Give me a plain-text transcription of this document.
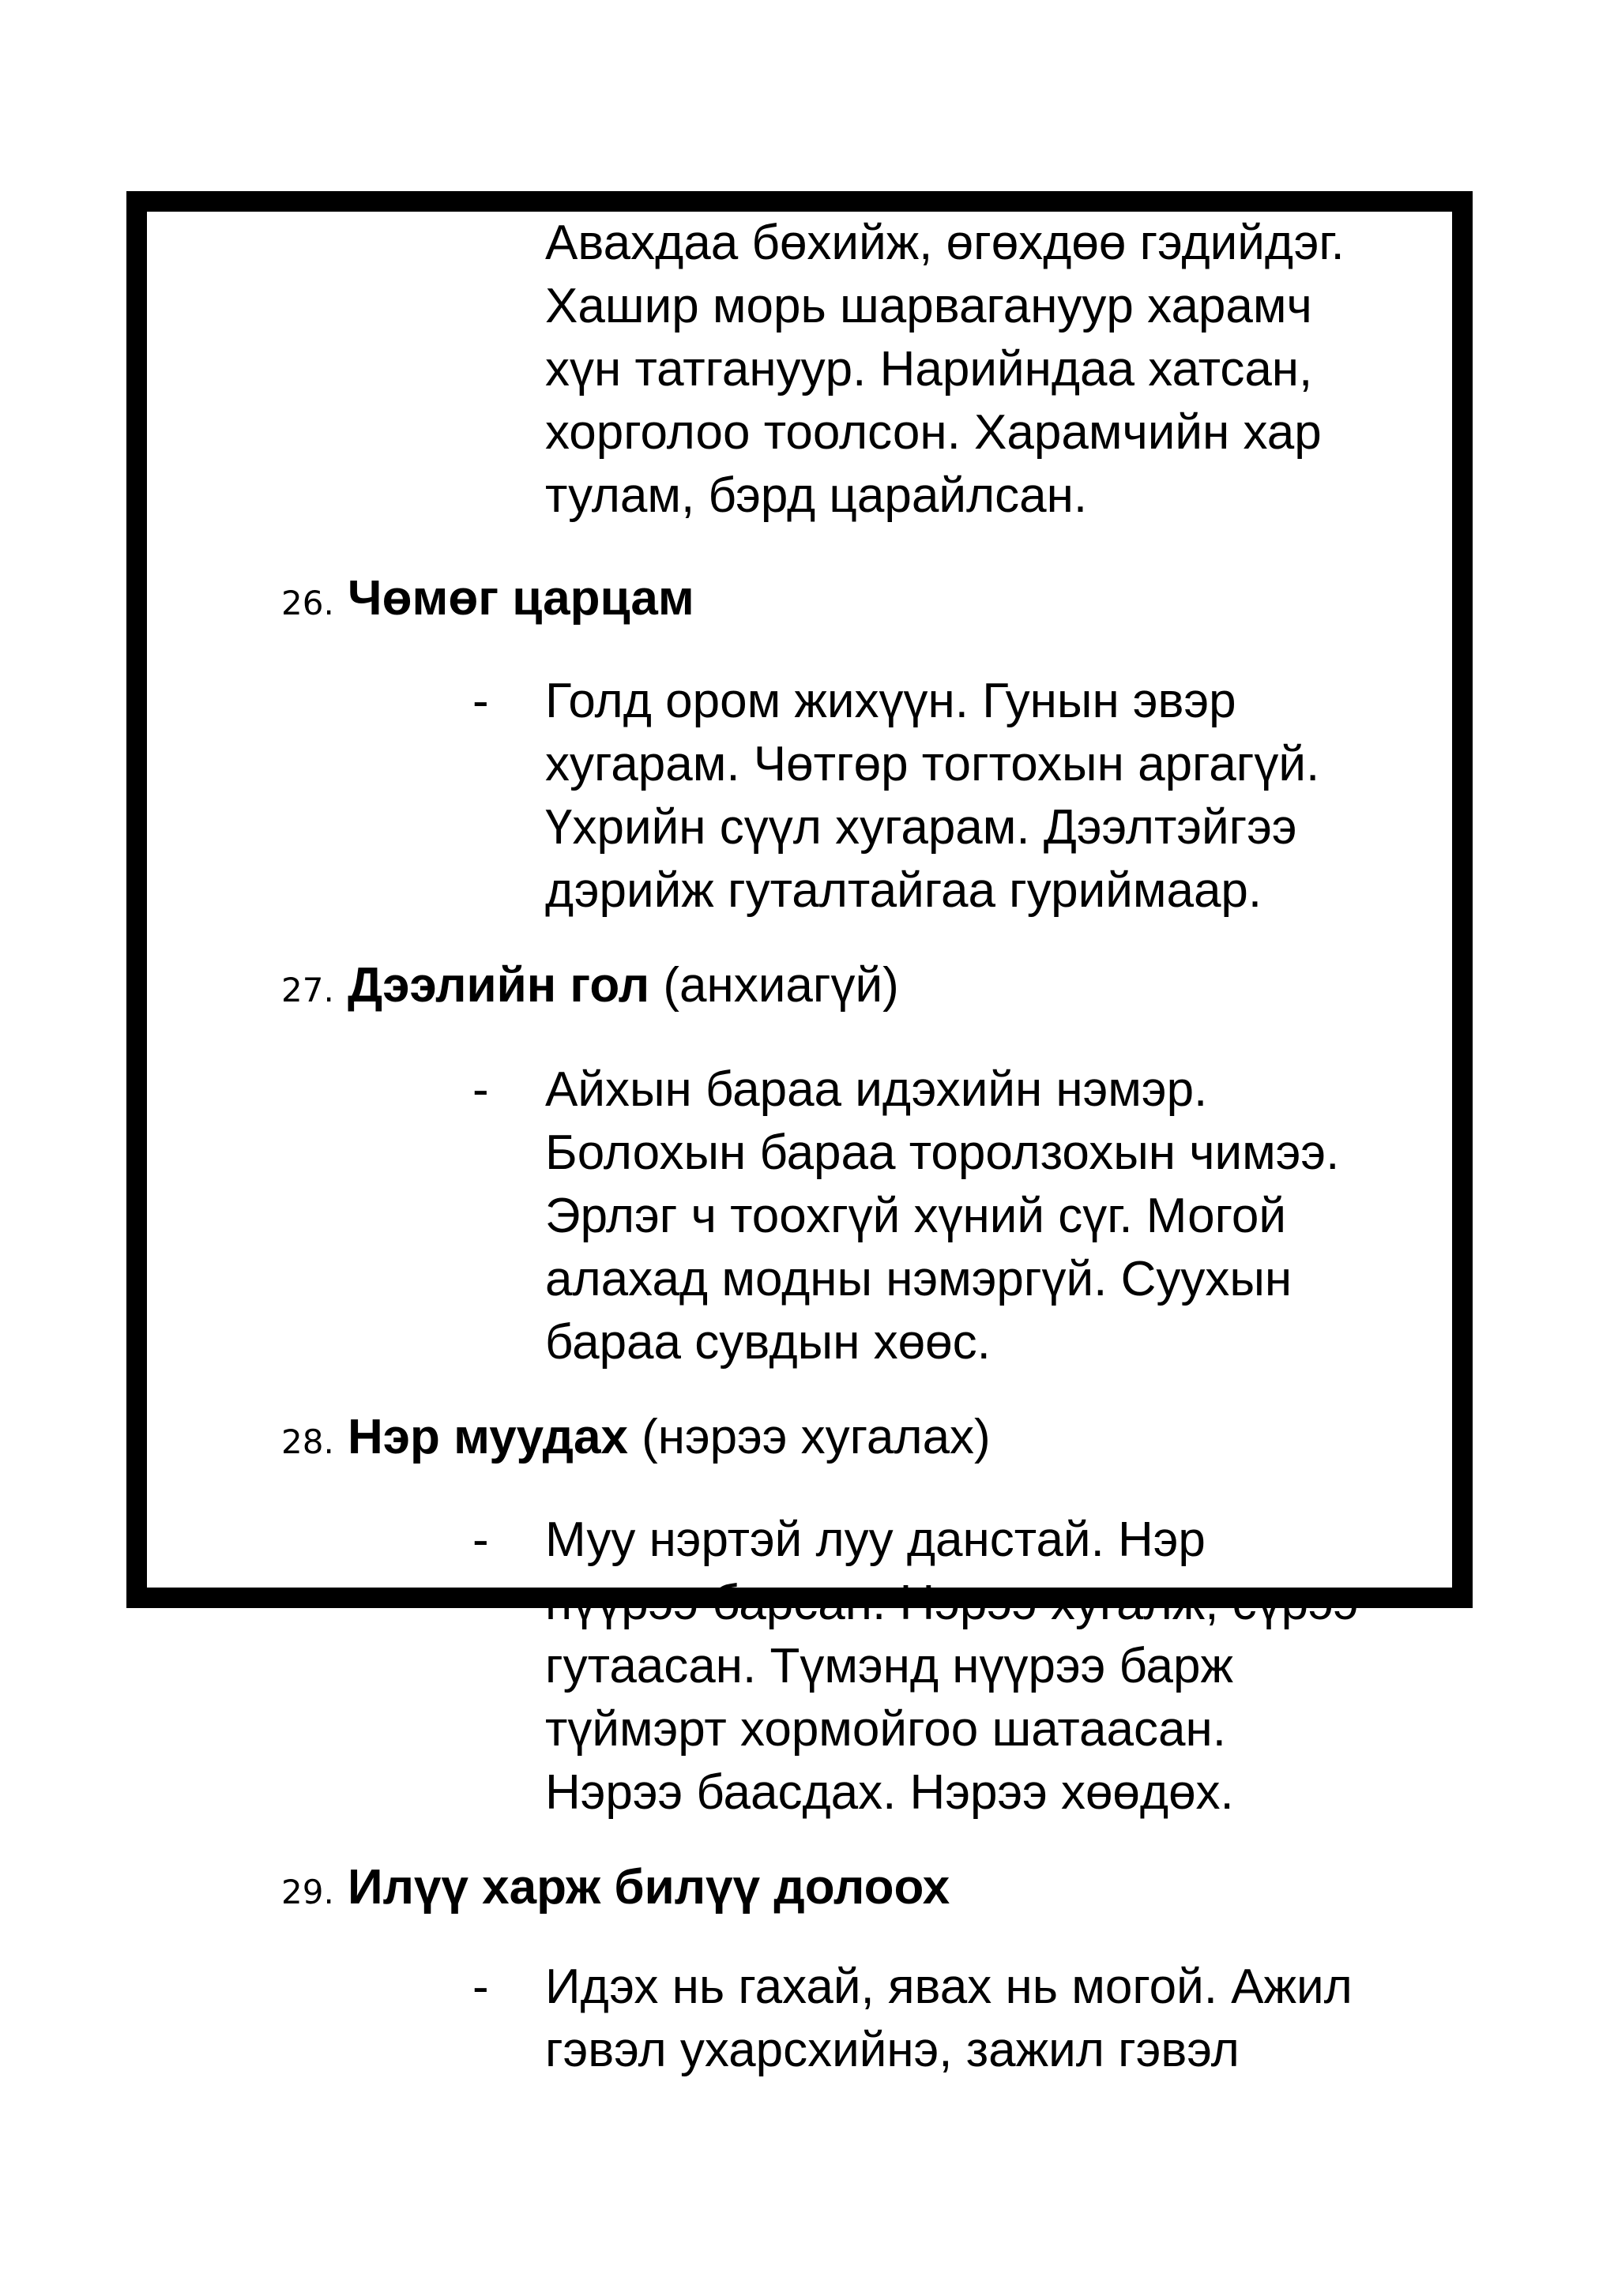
Авахдаа бөхийж, өгөхдөө гэдийдэг.
Хашир морь шарваганууp харамч
хүн татганууp. Нарийндаа хатсан,
хорголоо тоолсон. Харамчийн хар
тулам, бэрд царайлсан.
26. Чөмөг царцам
- Голд ором жихүүн. Гунын эвэр
хугарам. Чөтгөр тогтохын аргагүй.
Үхрийн сүүл хугарам. Дээлтэйгээ
дэрийж гуталтайгаа гуриймаар.
27. Дээлийн гол (анхиагүй)
- Айхын бараа идэхийн нэмэр.
Болохын бараа торолзохын чимээ.
Эрлэг ч тоохгүй хүний сүг. Могой
алахад модны нэмэргүй. Суухын
бараа сувдын хөөс.
28. Нэр муудах (нэрээ хугалах)
- Муу нэртэй луу данстай. Нэр
нүүрээ барсан. Нэрээ хугалж, сүрээ
гутаасан. Түмэнд нүүрээ барж
түймэрт хормойгоо шатаасан.
Нэрээ баасдах. Нэрээ хөөдөх.
29. Илүү харж билүү долоох
- Идэх нь гахай, явах нь могой. Ажил
гэвэл ухарсхийнэ, зажил гэвэл
